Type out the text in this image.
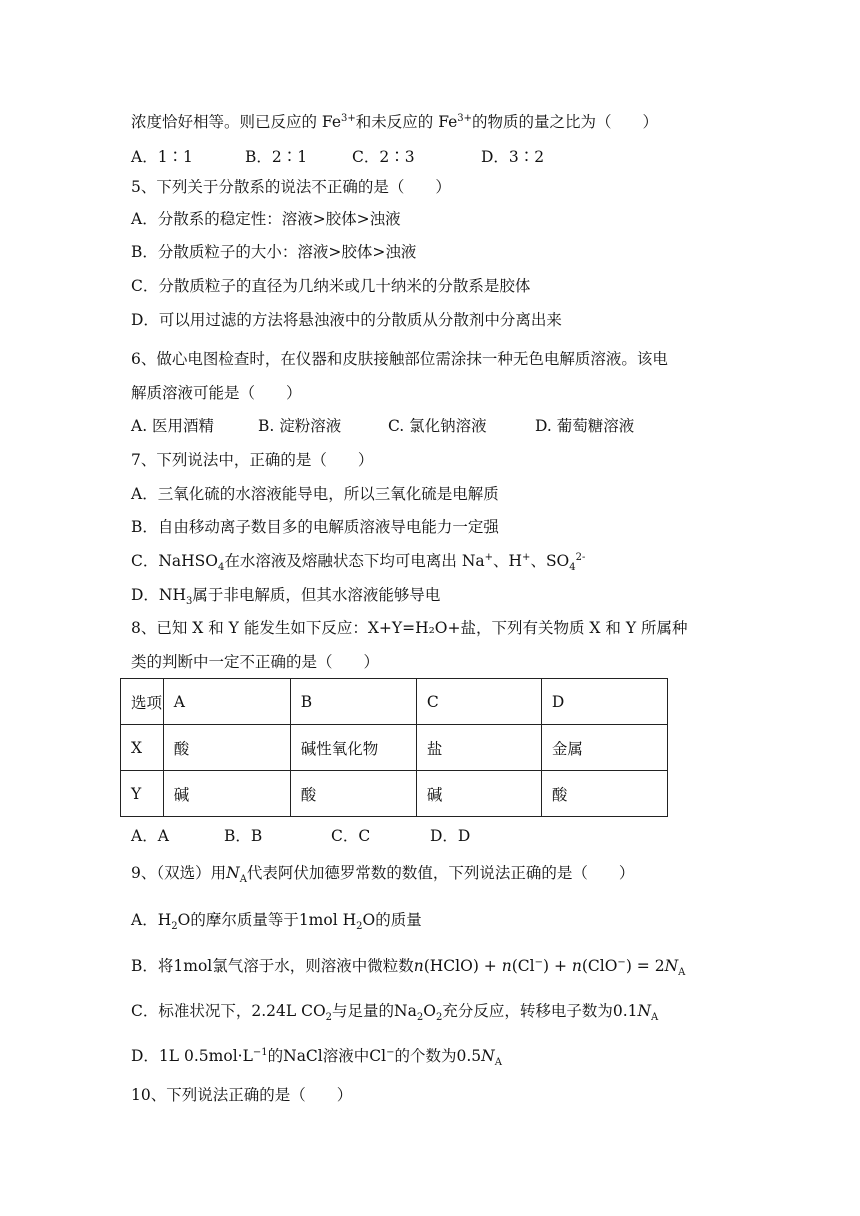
浓度恰好相等。则已反应的 $Fe^{3+}$和未反应的 $Fe^{3+}$的物质的量之比为（　　）
A．1∶1	B．2∶1	C．2∶3	D．3∶2
5、下列关于分散系的说法不正确的是（　　）
A．分散系的稳定性：溶液>胶体>浊液
B．分散质粒子的大小：溶液>胶体>浊液
C．分散质粒子的直径为几纳米或几十纳米的分散系是胶体
D．可以用过滤的方法将悬浊液中的分散质从分散剂中分离出来
6、做心电图检查时，在仪器和皮肤接触部位需涂抹一种无色电解质溶液。该电
解质溶液可能是（　　）
A. 医用酒精	B. 淀粉溶液	C. 氯化钠溶液	D. 葡萄糖溶液
7、下列说法中，正确的是（　　）
A．三氧化硫的水溶液能导电，所以三氧化硫是电解质
B．自由移动离子数目多的电解质溶液导电能力一定强
C．NaHSO$_4$在水溶液及熔融状态下均可电离出 Na+、H+、$SO_4^{2-}$
D．$NH_3$属于非电解质，但其水溶液能够导电
8、已知 X 和 Y 能发生如下反应：X+Y=H₂O+盐，下列有关物质 X 和 Y 所属种
类的判断中一定不正确的是（　　）
选项	A	B	C	D
X	酸	碱性氧化物	盐	金属
Y	碱	酸	碱	酸
A．A	B．B	C．C	D．D
9、（双选）用$N_A$代表阿伏加德罗常数的数值，下列说法正确的是（　　）
A．$H_2O$的摩尔质量等于1mol $H_2O$的质量
B．将1mol氯气溶于水，则溶液中微粒数n(HClO) + $n(Cl^-) + n(ClO^-) = 2N_A$
C．标准状况下，2.24L $CO_2$与足量的$Na_2O_2$充分反应，转移电子数为$0.1N_A$
D．1L $0.5mol\cdot L^{-1}$的NaCl溶液中Cl−的个数为$0.5N_A$
10、下列说法正确的是（　　）
